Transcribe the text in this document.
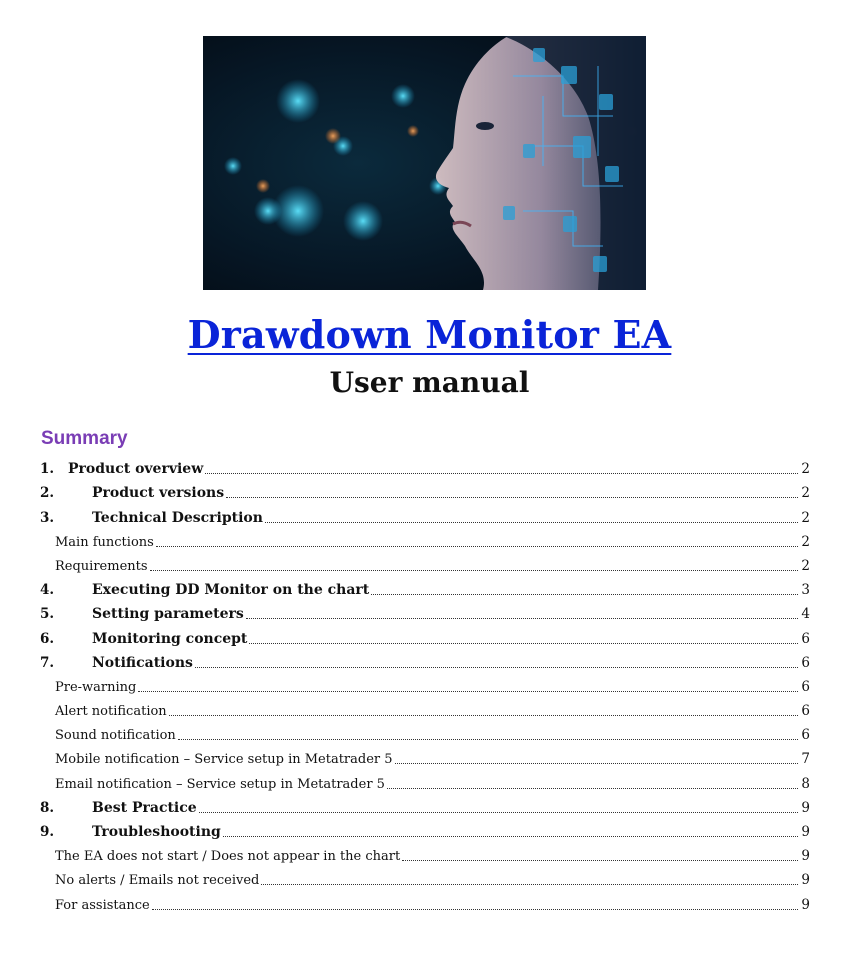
Drawdown Monitor EA
User manual
Summary
1. Product overview	2
2.	Product versions	2
3.	Technical Description	2
Main functions	2
Requirements	2
4.	Executing DD Monitor on the chart	3
5.	Setting parameters	4
6.	Monitoring concept	6
7.	Notifications	6
Pre-warning	6
Alert notification	6
Sound notification	6
Mobile notification – Service setup in Metatrader 5	7
Email notification – Service setup in Metatrader 5	8
8.	Best Practice	9
9.	Troubleshooting	9
The EA does not start / Does not appear in the chart	9
No alerts / Emails not received	9
For assistance	9
